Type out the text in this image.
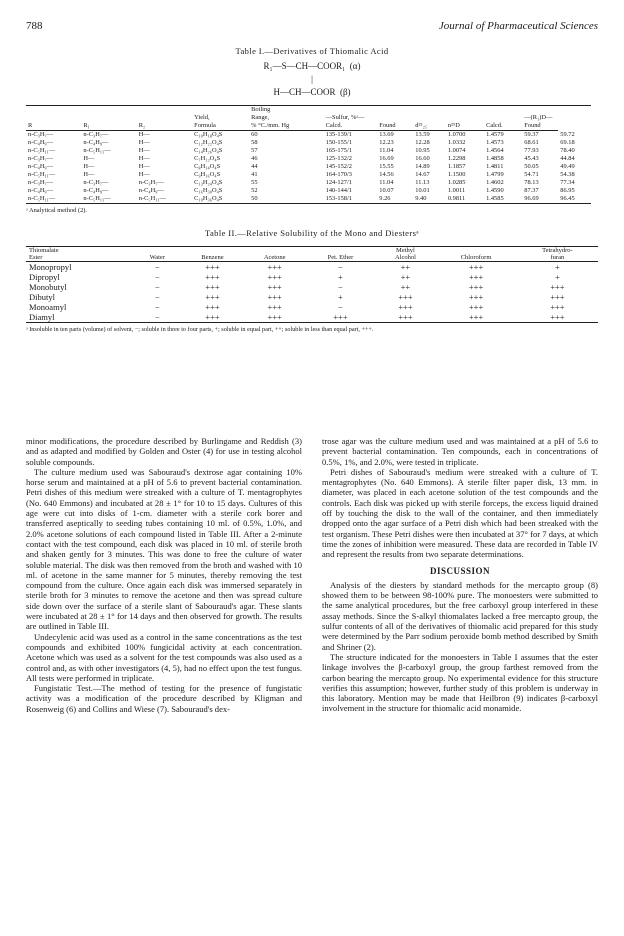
788	Journal of Pharmaceutical Sciences
Table I.—Derivatives of Thiomalic Acid
R₁—S—CH—COOR₁  (α)
|
H—CH—COOR  (β)
				Boiling								
			Yield,	Range,	—Sulfur, %ᵃ—					—(R₁)D—		
R	R₁	R₂	Formula	% °C./mm. Hg	Calcd.	Found	d²⁵₂₅	n²⁵D	Calcd.	Found		
n-C₃H₇—	n-C₃H₇—	H—	C₁₀H₁₈O₄S	60	135-139/1	13.69	13.59	1.0700	1.4579	59.37	59.72	
n-C₄H₉—	n-C₄H₉—	H—	C₁₂H₂₂O₄S	58	150-155/1	12.23	12.28	1.0332	1.4573	68.61	69.18	
n-C₅H₁₁—	n-C₅H₁₁—	H—	C₁₄H₂₆O₄S	57	165-175/1	11.04	10.95	1.0074	1.4564	77.93	78.40	
n-C₃H₇—	H—	H—	C₇H₁₂O₄S	46	125-132/2	16.69	16.60	1.2298	1.4858	45.43	44.84	
n-C₄H₉—	H—	H—	C₈H₁₄O₄S	44	145-152/2	15.55	14.89	1.1857	1.4811	50.05	49.49	
n-C₅H₁₁—	H—	H—	C₉H₁₆O₄S	41	164-170/3	14.56	14.67	1.1500	1.4799	54.71	54.38	
n-C₃H₇—	n-C₃H₇—	n-C₃H₇—	C₁₃H₂₄O₄S	55	124-127/1	11.04	11.13	1.0285	1.4602	78.13	77.34	
n-C₄H₉—	n-C₄H₉—	n-C₄H₉—	C₁₆H₃₀O₄S	52	140-144/1	10.07	10.01	1.0011	1.4590	87.37	86.95	
n-C₅H₁₁—	n-C₅H₁₁—	n-C₅H₁₁—	C₁₉H₃₆O₄S	50	153-158/1	9.26	9.40	0.9811	1.4585	96.69	96.45	
ᵃ Analytical method (2).
Table II.—Relative Solubility of the Mono and Diestersᵃ
Thiomalate					Methyl		Tetrahydro-
Ester	Water	Benzene	Acetone	Pet. Ether	Alcohol	Chloroform	furan
Monopropyl	−	+++	+++	−	++	+++	+
Dipropyl	−	+++	+++	+	++	+++	+
Monobutyl	−	+++	+++	−	++	+++	+++
Dibutyl	−	+++	+++	+	+++	+++	+++
Monoamyl	−	+++	+++	−	+++	+++	+++
Diamyl	−	+++	+++	+++	+++	+++	+++
ᵃ Insoluble in ten parts (volume) of solvent, −; soluble in three to four parts, +; soluble in equal part, ++; soluble in less than equal part, +++.

minor modifications, the procedure described by Burlingame and Reddish (3) and as adapted and modified by Golden and Oster (4) for use in testing alcohol soluble compounds.

The culture medium used was Sabouraud's dextrose agar containing 10% horse serum and maintained at a pH of 5.6 to prevent bacterial contamination. Petri dishes of this medium were streaked with a culture of T. mentagrophytes (No. 640 Emmons) and incubated at 28 ± 1° for 10 to 15 days. Cultures of this age were cut into disks of 1-cm. diameter with a sterile cork borer and transferred aseptically to seeding tubes containing 10 ml. of 0.5%, 1.0%, and 2.0% acetone solutions of each compound listed in Table III. After a 2-minute contact with the test compound, each disk was placed in 10 ml. of sterile broth and shaken gently for 3 minutes. This was done to free the culture of water soluble material. The disk was then removed from the broth and washed with 10 ml. of acetone in the same manner for 5 minutes, thereby removing the test compound from the culture. Once again each disk was immersed separately in sterile broth for 3 minutes to remove the acetone and then was spread culture side down over the surface of a sterile slant of Sabouraud's agar. These slants were incubated at 28 ± 1° for 14 days and then observed for growth. The results are outlined in Table III.

Undecylenic acid was used as a control in the same concentrations as the test compounds and exhibited 100% fungicidal activity at each concentration. Acetone which was used as a solvent for the test compounds was also used as a control and, as with other investigators (4, 5), had no effect upon the test fungus. All tests were performed in triplicate.

Fungistatic Test.—The method of testing for the presence of fungistatic activity was a modification of the procedure described by Kligman and Rosenweig (6) and Collins and Wiese (7). Sabouraud's dex-

trose agar was the culture medium used and was maintained at a pH of 5.6 to prevent bacterial contamination. Ten compounds, each in concentrations of 0.5%, 1%, and 2.0%, were tested in triplicate.

Petri dishes of Sabouraud's medium were streaked with a culture of T. mentagrophytes (No. 640 Emmons). A sterile filter paper disk, 13 mm. in diameter, was placed in each acetone solution of the test compounds and the controls. Each disk was picked up with sterile forceps, the excess liquid drained off by touching the disk to the wall of the container, and then immediately dropped onto the agar surface of a Petri dish which had been streaked with the test organism. These Petri dishes were then incubated at 37° for 7 days, at which time the zones of inhibition were measured. These data are recorded in Table IV and represent the results from two separate determinations.

DISCUSSION

Analysis of the diesters by standard methods for the mercapto group (8) showed them to be between 98-100% pure. The monoesters were submitted to the same analytical procedures, but the free carboxyl group interfered in these assay methods. Since the S-alkyl thiomalates lacked a free mercapto group, the sulfur contents of all of the derivatives of thiomalic acid prepared for this study were determined by the Parr sodium peroxide bomb method described by Smith and Shriner (2).

The structure indicated for the monoesters in Table I assumes that the ester linkage involves the β-carboxyl group, the group farthest removed from the carbon bearing the mercapto group. No experimental evidence for this structure verifies this assumption; however, further study of this problem is underway in this laboratory. Mention may be made that Heilbron (9) indicates β-carboxyl involvement in the structure for thiomalic acid monamide.
